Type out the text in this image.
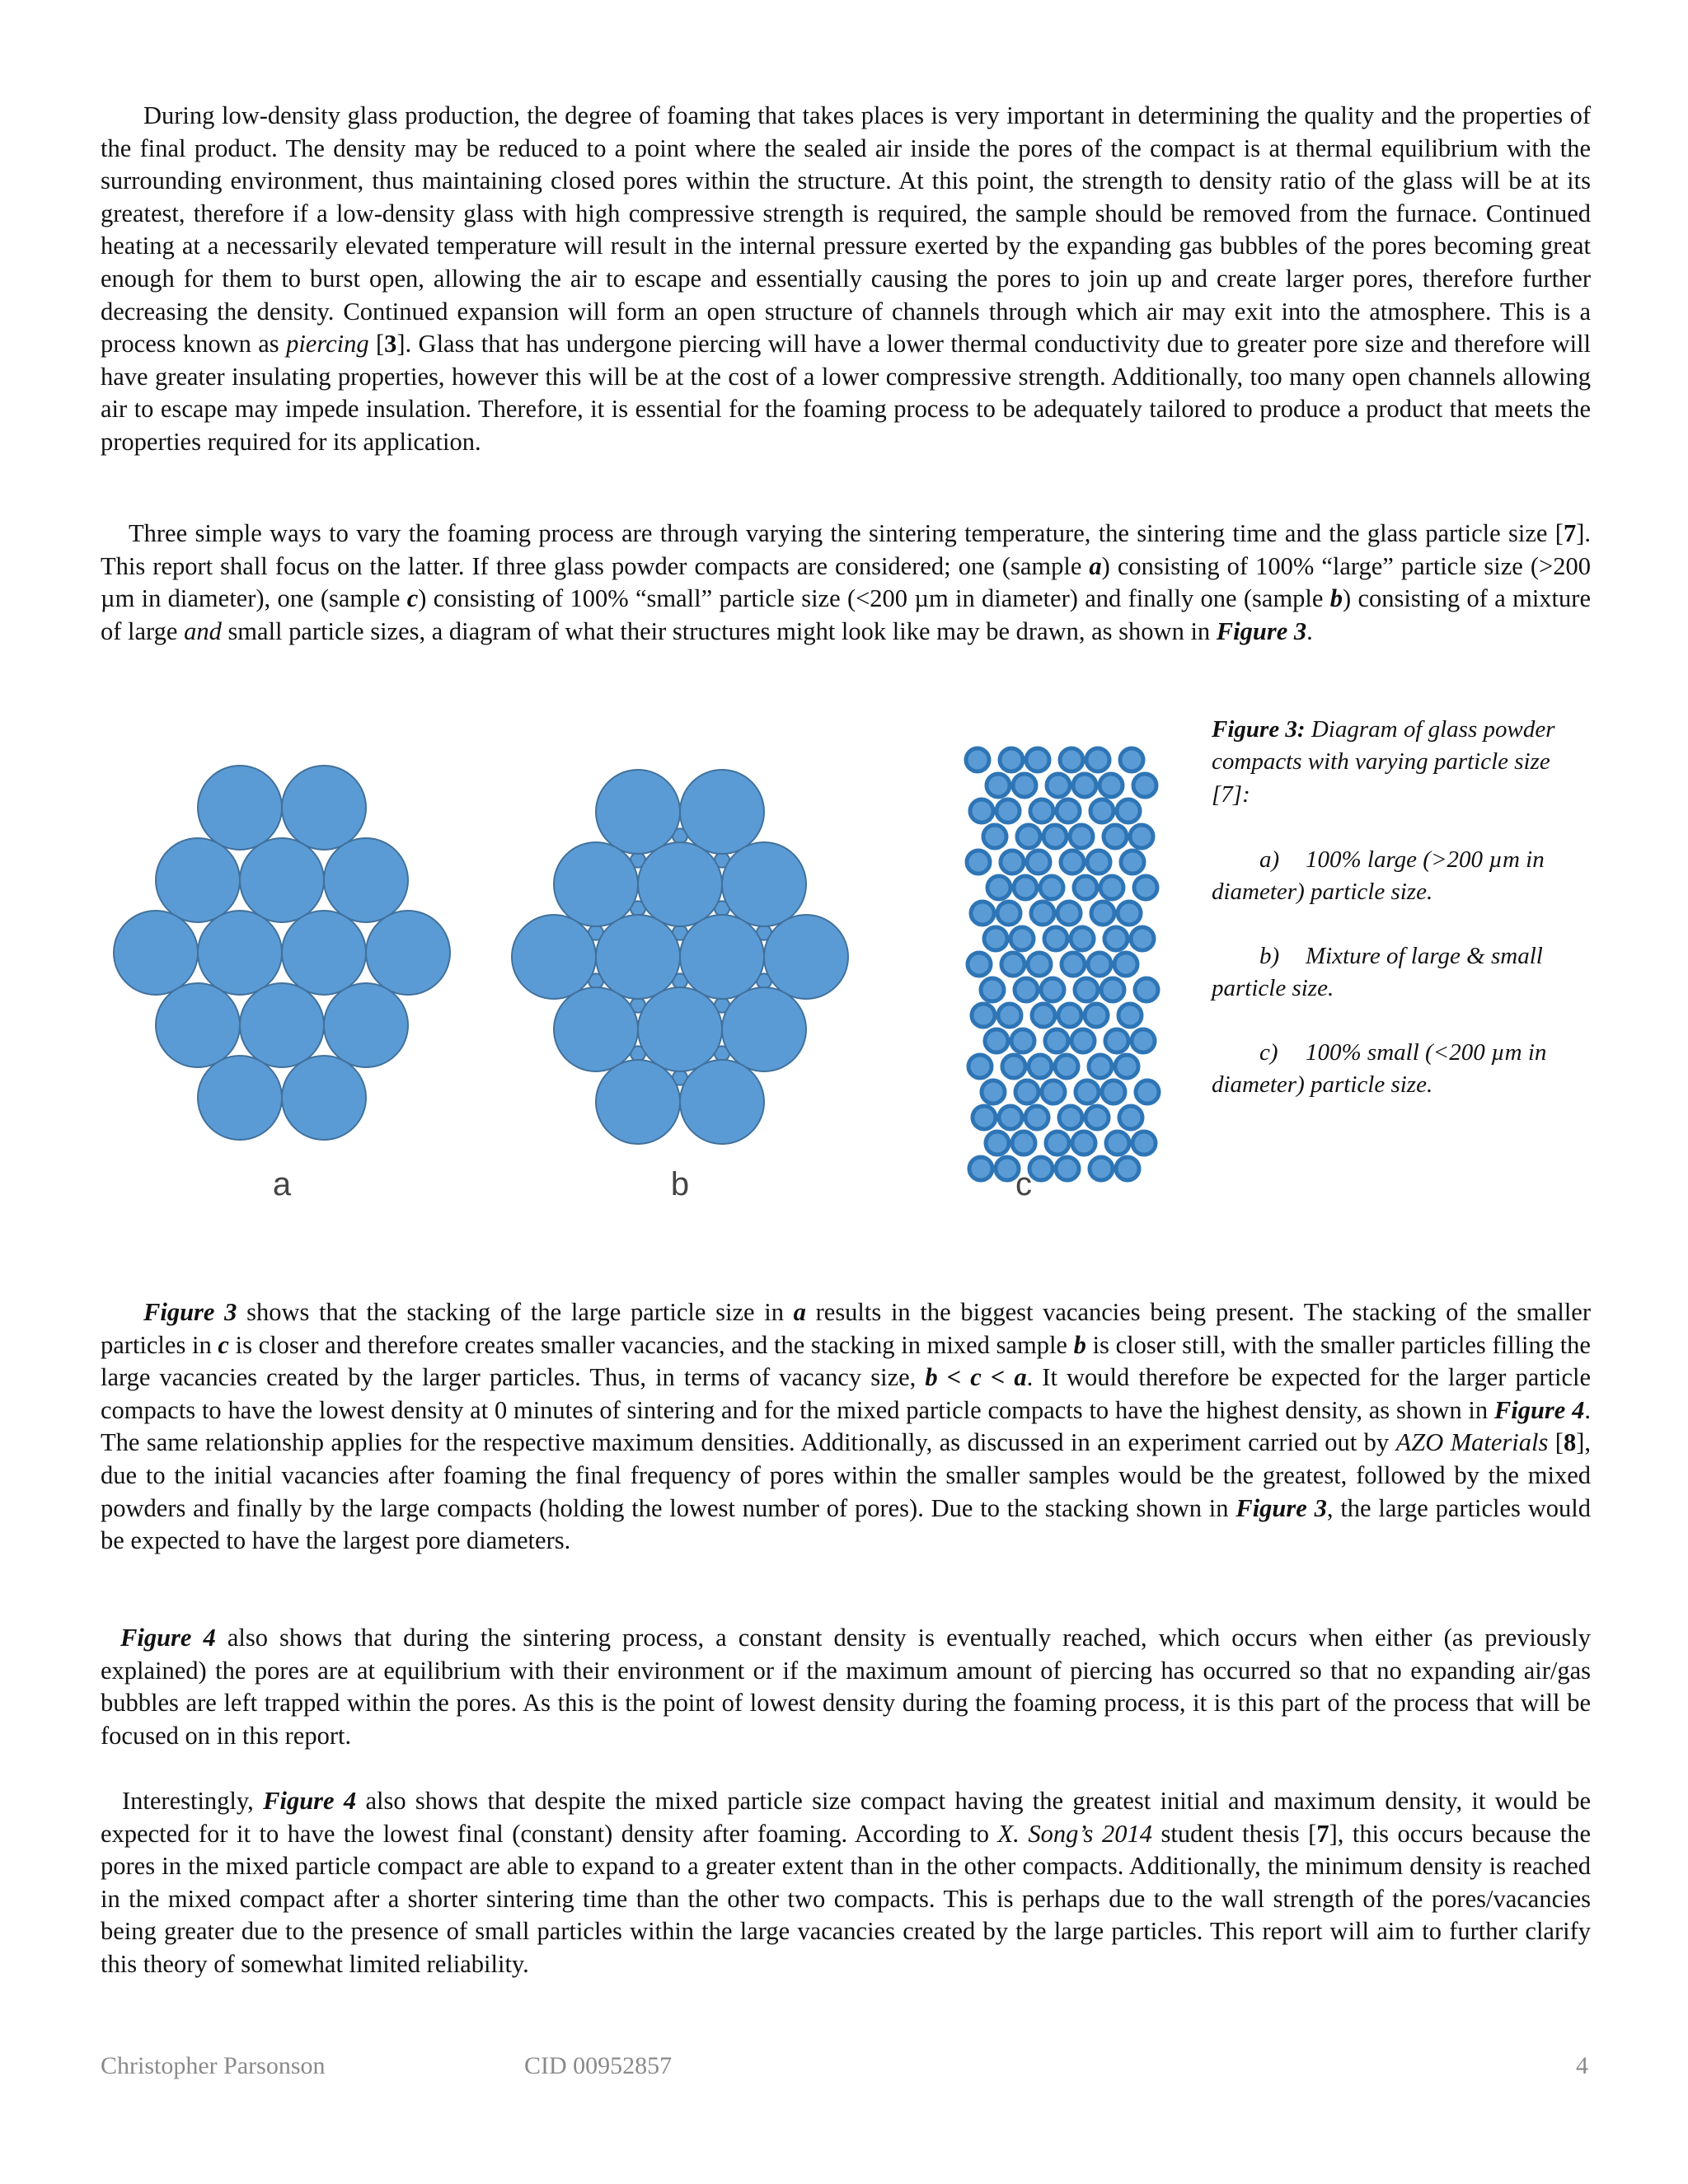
During low-density glass production, the degree of foaming that takes places is very important in determining the quality and the properties of the final product. The density may be reduced to a point where the sealed air inside the pores of the compact is at thermal equilibrium with the surrounding environment, thus maintaining closed pores within the structure. At this point, the strength to density ratio of the glass will be at its greatest, therefore if a low-density glass with high compressive strength is required, the sample should be removed from the furnace. Continued heating at a necessarily elevated temperature will result in the internal pressure exerted by the expanding gas bubbles of the pores becoming great enough for them to burst open, allowing the air to escape and essentially causing the pores to join up and create larger pores, therefore further decreasing the density. Continued expansion will form an open structure of channels through which air may exit into the atmosphere. This is a process known as piercing [3]. Glass that has undergone piercing will have a lower thermal conductivity due to greater pore size and therefore will have greater insulating properties, however this will be at the cost of a lower compressive strength. Additionally, too many open channels allowing air to escape may impede insulation. Therefore, it is essential for the foaming process to be adequately tailored to produce a product that meets the properties required for its application.

Three simple ways to vary the foaming process are through varying the sintering temperature, the sintering time and the glass particle size [7]. This report shall focus on the latter. If three glass powder compacts are considered; one (sample a) consisting of 100% “large” particle size (>200 µm in diameter), one (sample c) consisting of 100% “small” particle size (<200 µm in diameter) and finally one (sample b) consisting of a mixture of large and small particle sizes, a diagram of what their structures might look like may be drawn, as shown in Figure 3.

a	b	c

Figure 3: Diagram of glass powder compacts with varying particle size [7]:

a) 100% large (>200 µm in diameter) particle size.

b) Mixture of large & small particle size.

c) 100% small (<200 µm in diameter) particle size.

Figure 3 shows that the stacking of the large particle size in a results in the biggest vacancies being present. The stacking of the smaller particles in c is closer and therefore creates smaller vacancies, and the stacking in mixed sample b is closer still, with the smaller particles filling the large vacancies created by the larger particles. Thus, in terms of vacancy size, b < c < a. It would therefore be expected for the larger particle compacts to have the lowest density at 0 minutes of sintering and for the mixed particle compacts to have the highest density, as shown in Figure 4. The same relationship applies for the respective maximum densities. Additionally, as discussed in an experiment carried out by AZO Materials [8], due to the initial vacancies after foaming the final frequency of pores within the smaller samples would be the greatest, followed by the mixed powders and finally by the large compacts (holding the lowest number of pores). Due to the stacking shown in Figure 3, the large particles would be expected to have the largest pore diameters.

Figure 4 also shows that during the sintering process, a constant density is eventually reached, which occurs when either (as previously explained) the pores are at equilibrium with their environment or if the maximum amount of piercing has occurred so that no expanding air/gas bubbles are left trapped within the pores. As this is the point of lowest density during the foaming process, it is this part of the process that will be focused on in this report.

Interestingly, Figure 4 also shows that despite the mixed particle size compact having the greatest initial and maximum density, it would be expected for it to have the lowest final (constant) density after foaming. According to X. Song’s 2014 student thesis [7], this occurs because the pores in the mixed particle compact are able to expand to a greater extent than in the other compacts. Additionally, the minimum density is reached in the mixed compact after a shorter sintering time than the other two compacts. This is perhaps due to the wall strength of the pores/vacancies being greater due to the presence of small particles within the large vacancies created by the large particles. This report will aim to further clarify this theory of somewhat limited reliability.

Christopher Parsonson	CID 00952857	4
